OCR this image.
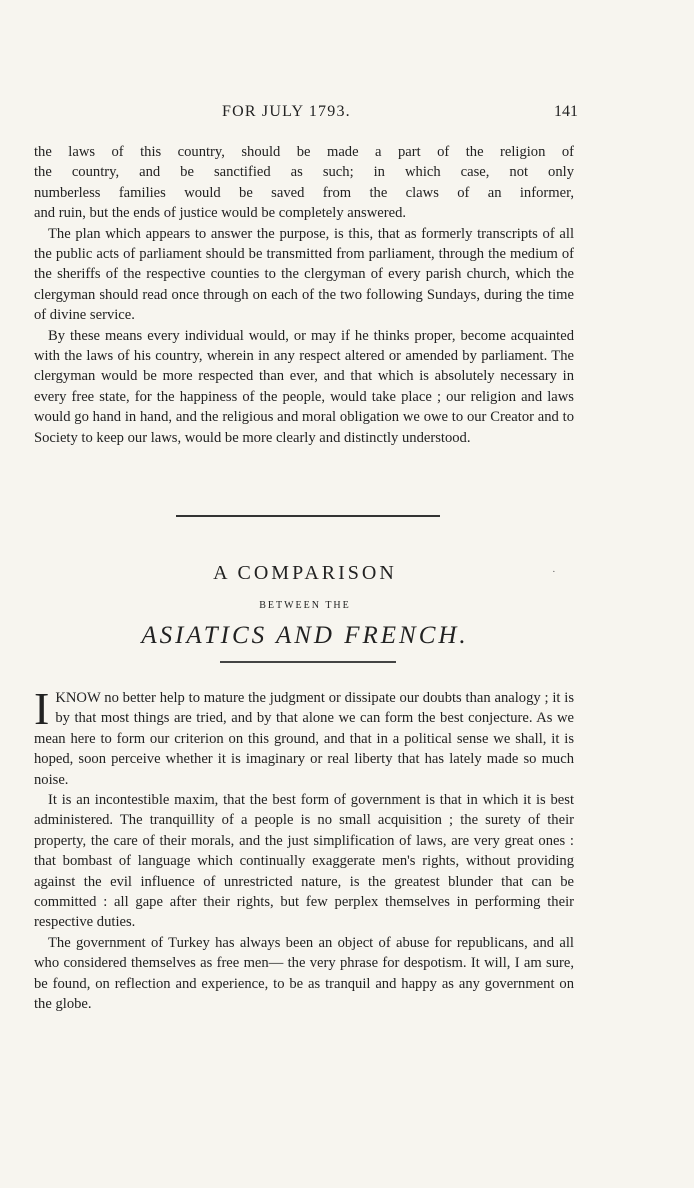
FOR JULY 1793.	141

the laws of this country, should be made a part of the religion of

the country, and be sanctified as such; in which case, not only

numberless families would be saved from the claws of an informer,

and ruin, but the ends of justice would be completely answered.

The plan which appears to answer the purpose, is this, that as formerly transcripts of all the public acts of parliament should be transmitted from parliament, through the medium of the sheriffs of the respective counties to the clergyman of every parish church, which the clergyman should read once through on each of the two following Sundays, during the time of divine service.

By these means every individual would, or may if he thinks proper, become acquainted with the laws of his country, wherein in any respect altered or amended by parliament. The clergyman would be more respected than ever, and that which is absolutely necessary in every free state, for the happiness of the people, would take place ; our religion and laws would go hand in hand, and the religious and moral obligation we owe to our Creator and to Society to keep our laws, would be more clearly and distinctly understood.

A COMPARISON	·
BETWEEN THE
ASIATICS AND FRENCH.

IKNOW no better help to mature the judgment or dissipate our doubts than analogy ; it is by that most things are tried, and by that alone we can form the best conjecture. As we mean here to form our criterion on this ground, and that in a political sense we shall, it is hoped, soon perceive whether it is imaginary or real liberty that has lately made so much noise.

It is an incontestible maxim, that the best form of government is that in which it is best administered. The tranquillity of a people is no small acquisition ; the surety of their property, the care of their morals, and the just simplification of laws, are very great ones : that bombast of language which continually exaggerate men's rights, without providing against the evil influence of unrestricted nature, is the greatest blunder that can be committed : all gape after their rights, but few perplex themselves in performing their respective duties.

The government of Turkey has always been an object of abuse for republicans, and all who considered themselves as free men— the very phrase for despotism. It will, I am sure, be found, on reflection and experience, to be as tranquil and happy as any government on the globe.
